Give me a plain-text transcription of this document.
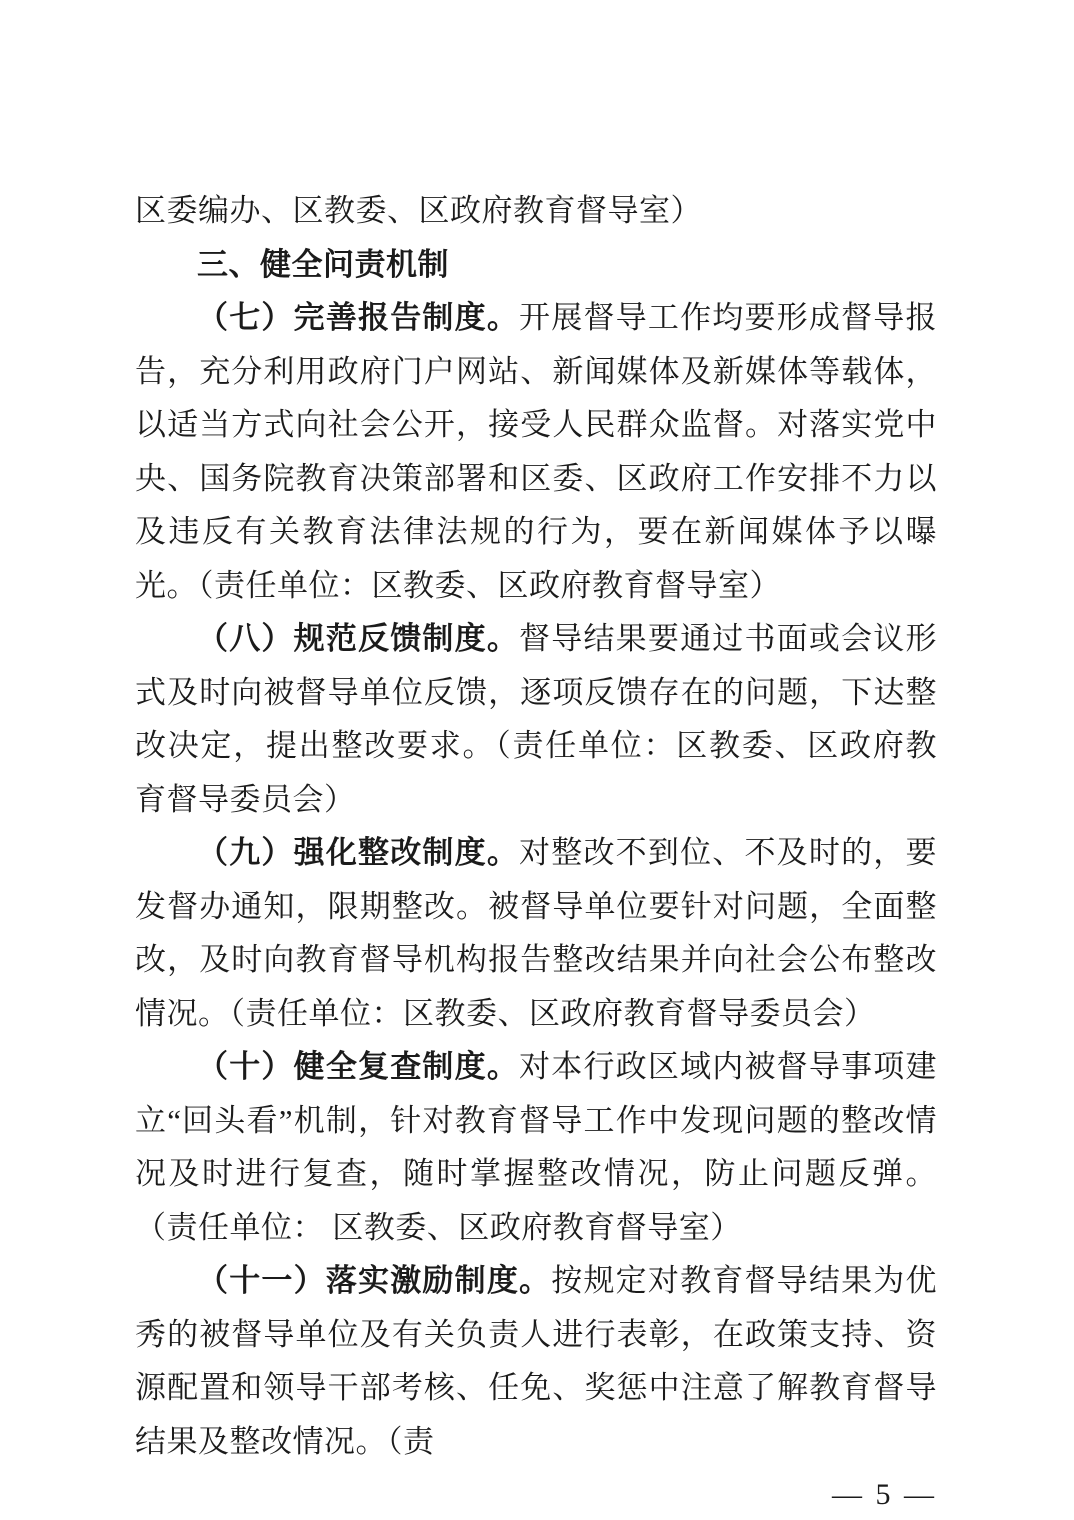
区委编办、区教委、区政府教育督导室）

三、健全问责机制

（七）完善报告制度。开展督导工作均要形成督导报告，充分利用政府门户网站、新闻媒体及新媒体等载体，以适当方式向社会公开，接受人民群众监督。对落实党中央、国务院教育决策部署和区委、区政府工作安排不力以及违反有关教育法律法规的行为，要在新闻媒体予以曝光。（责任单位：区教委、区政府教育督导室）

（八）规范反馈制度。督导结果要通过书面或会议形式及时向被督导单位反馈，逐项反馈存在的问题，下达整改决定，提出整改要求。（责任单位：区教委、区政府教育督导委员会）

（九）强化整改制度。对整改不到位、不及时的，要发督办通知，限期整改。被督导单位要针对问题，全面整改，及时向教育督导机构报告整改结果并向社会公布整改情况。（责任单位：区教委、区政府教育督导委员会）

（十）健全复查制度。对本行政区域内被督导事项建立“回头看”机制，针对教育督导工作中发现问题的整改情况及时进行复查，随时掌握整改情况，防止问题反弹。（责任单位： 区教委、区政府教育督导室）

（十一）落实激励制度。按规定对教育督导结果为优秀的被督导单位及有关负责人进行表彰，在政策支持、资源配置和领导干部考核、任免、奖惩中注意了解教育督导结果及整改情况。（责

— 5 —
